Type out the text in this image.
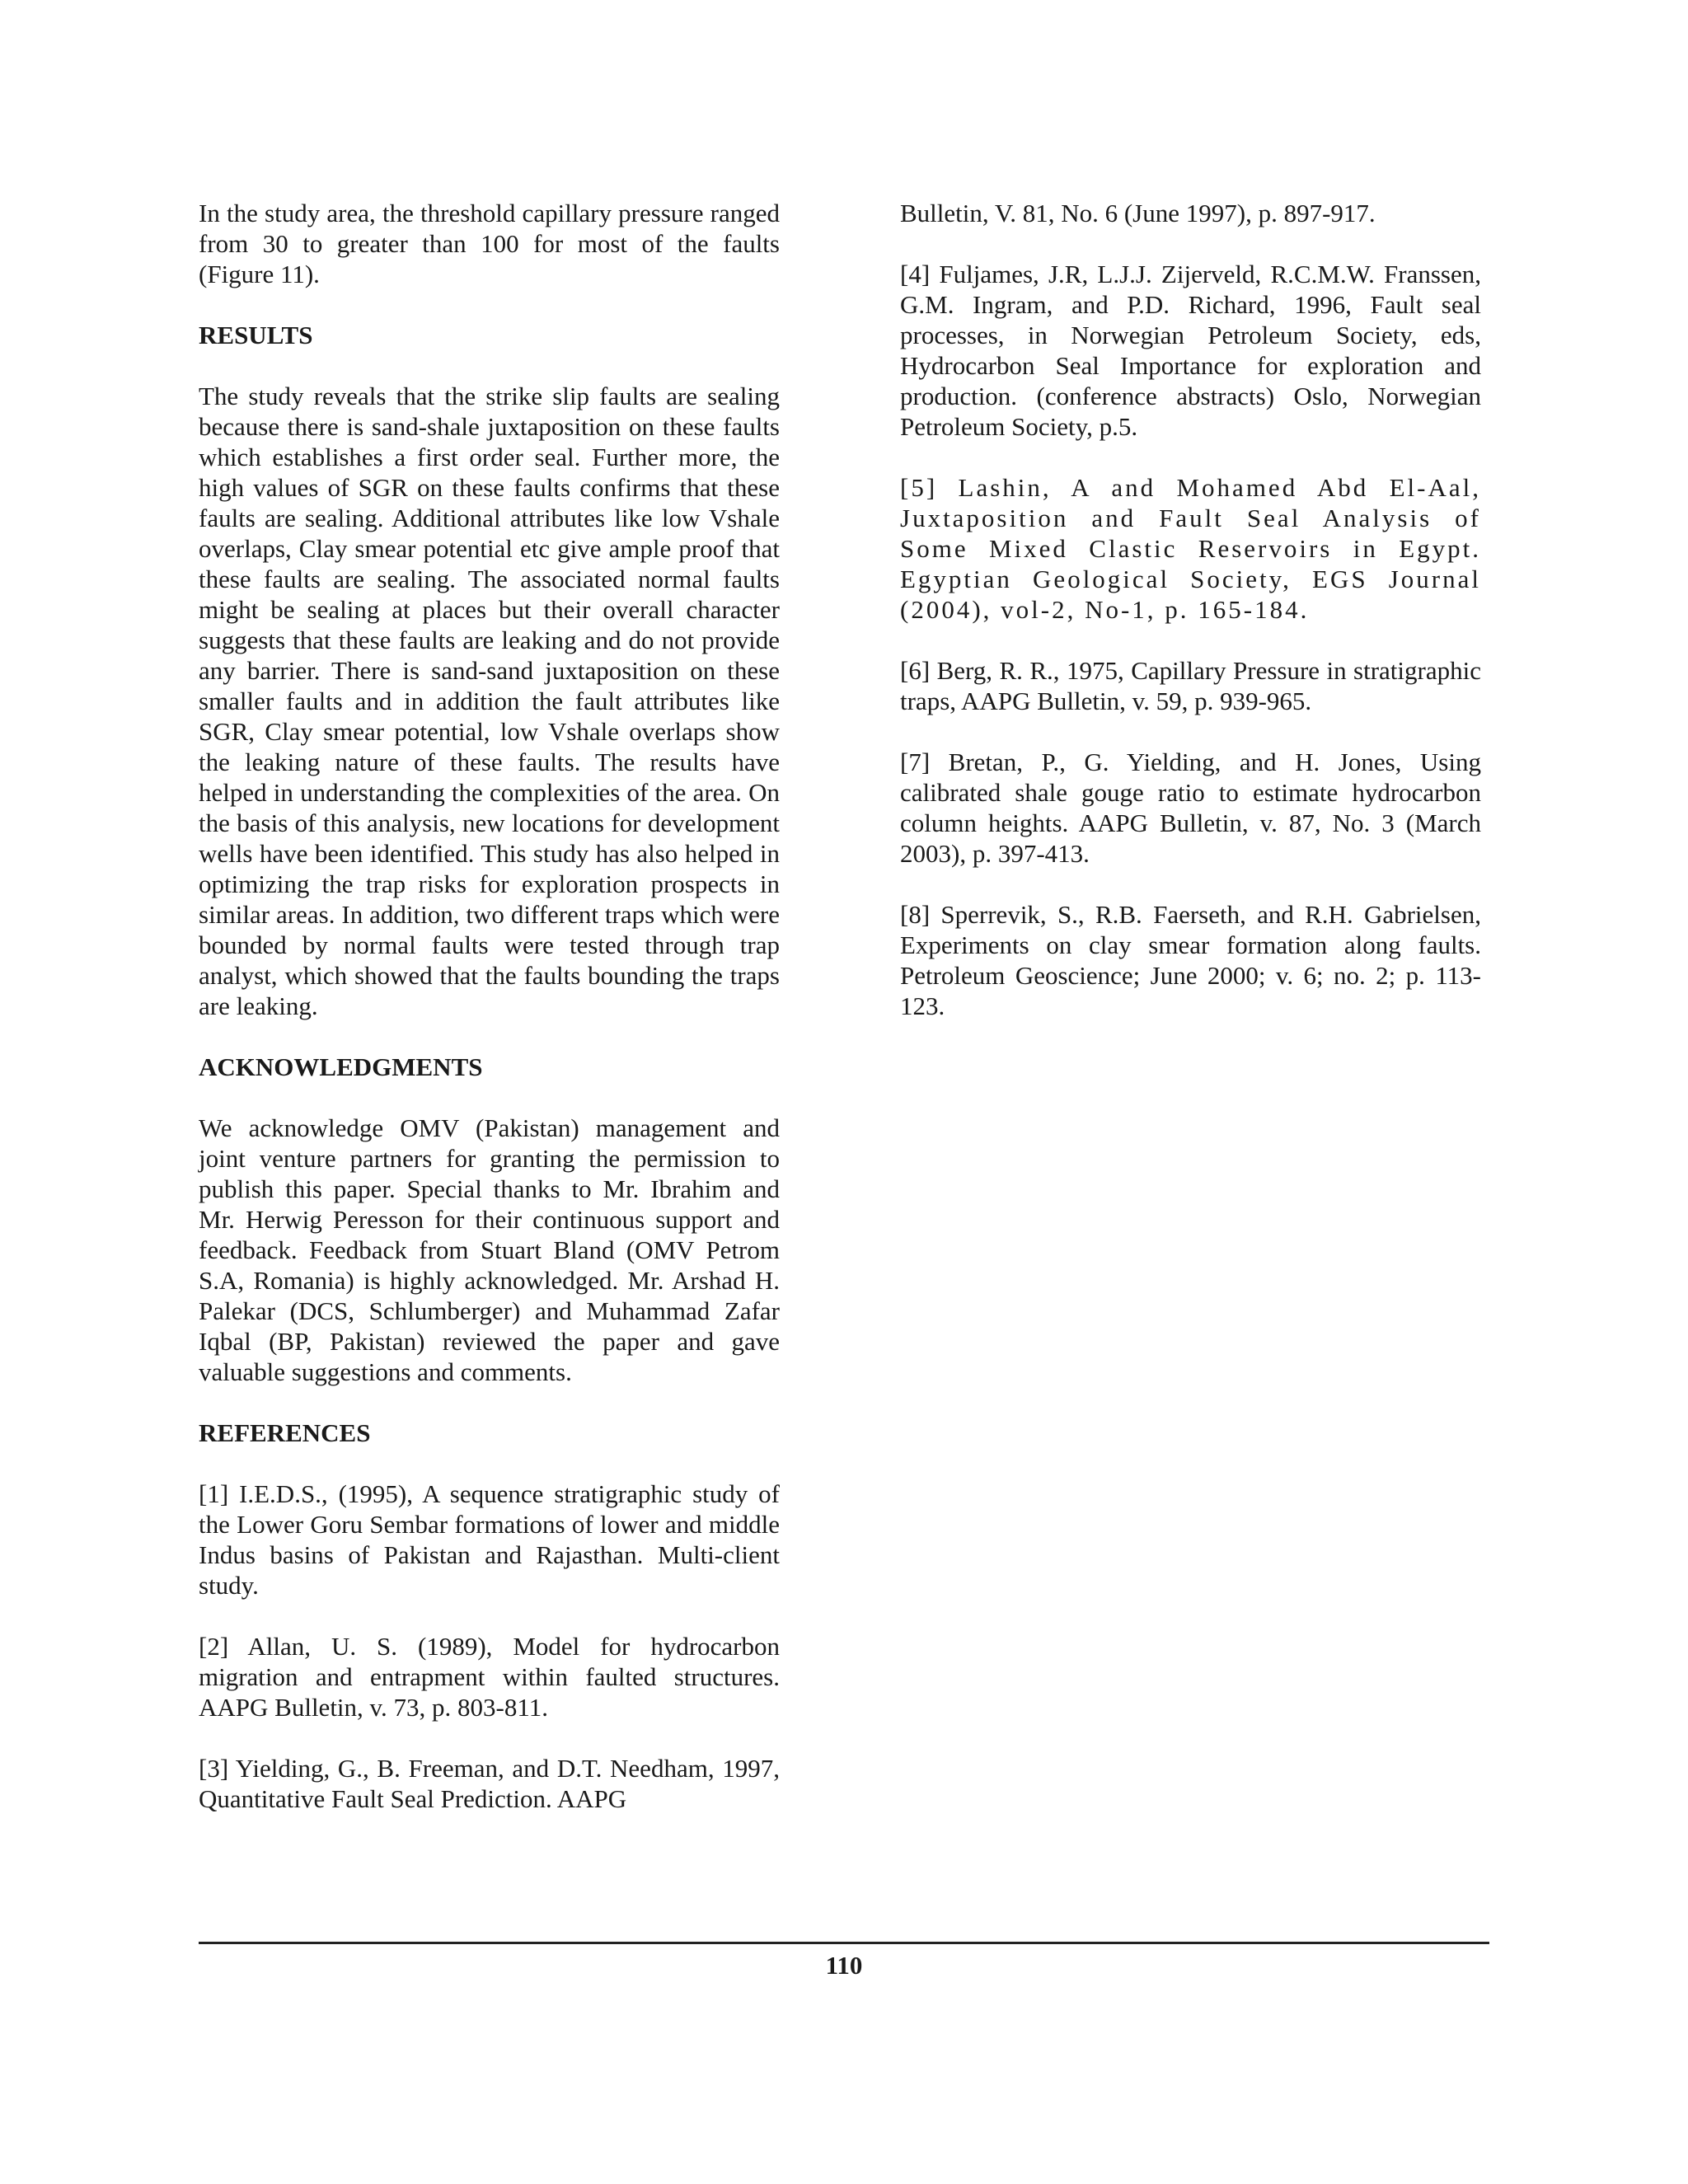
In the study area, the threshold capillary pressure ranged from 30 to greater than 100 for most of the faults (Figure 11).

RESULTS

The study reveals that the strike slip faults are sealing because there is sand-shale juxtaposition on these faults which establishes a first order seal. Further more, the high values of SGR on these faults confirms that these faults are sealing. Additional attributes like low Vshale overlaps, Clay smear potential etc give ample proof that these faults are sealing. The associated normal faults might be sealing at places but their overall character suggests that these faults are leaking and do not provide any barrier. There is sand-sand juxtaposition on these smaller faults and in addition the fault attributes like SGR, Clay smear potential, low Vshale overlaps show the leaking nature of these faults. The results have helped in understanding the complexities of the area. On the basis of this analysis, new locations for development wells have been identified. This study has also helped in optimizing the trap risks for exploration prospects in similar areas. In addition, two different traps which were bounded by normal faults were tested through trap analyst, which showed that the faults bounding the traps are leaking.

ACKNOWLEDGMENTS

We acknowledge OMV (Pakistan) management and joint venture partners for granting the permission to publish this paper. Special thanks to Mr. Ibrahim and Mr. Herwig Peresson for their continuous support and feedback. Feedback from Stuart Bland (OMV Petrom S.A, Romania) is highly acknowledged. Mr. Arshad H. Palekar (DCS, Schlumberger) and Muhammad Zafar Iqbal (BP, Pakistan) reviewed the paper and gave valuable suggestions and comments.

REFERENCES

[1] I.E.D.S., (1995), A sequence stratigraphic study of the Lower Goru Sembar formations of lower and middle Indus basins of Pakistan and Rajasthan. Multi-client study.

[2] Allan, U. S. (1989), Model for hydrocarbon migration and entrapment within faulted structures. AAPG Bulletin, v. 73, p. 803-811.

[3] Yielding, G., B. Freeman, and D.T. Needham, 1997, Quantitative Fault Seal Prediction. AAPG

Bulletin, V. 81, No. 6 (June 1997), p. 897-917.

[4] Fuljames, J.R, L.J.J. Zijerveld, R.C.M.W. Franssen, G.M. Ingram, and P.D. Richard, 1996, Fault seal processes, in Norwegian Petroleum Society, eds, Hydrocarbon Seal Importance for exploration and production. (conference abstracts) Oslo, Norwegian Petroleum Society, p.5.

[5] Lashin, A and Mohamed Abd El-Aal, Juxtaposition and Fault Seal Analysis of Some Mixed Clastic Reservoirs in Egypt. Egyptian Geological Society, EGS Journal (2004), vol-2, No-1, p. 165-184.

[6] Berg, R. R., 1975, Capillary Pressure in stratigraphic traps, AAPG Bulletin, v. 59, p. 939-965.

[7] Bretan, P., G. Yielding, and H. Jones, Using calibrated shale gouge ratio to estimate hydrocarbon column heights. AAPG Bulletin, v. 87, No. 3 (March 2003), p. 397-413.

[8] Sperrevik, S., R.B. Faerseth, and R.H. Gabrielsen, Experiments on clay smear formation along faults. Petroleum Geoscience; June 2000; v. 6; no. 2; p. 113-123.

110
